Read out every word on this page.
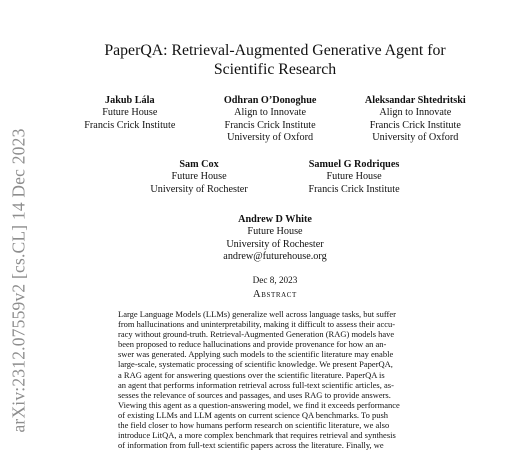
arXiv:2312.07559v2 [cs.CL] 14 Dec 2023
PaperQA: Retrieval-Augmented Generative Agent for
Scientific Research
Jakub Lála
Future House
Francis Crick Institute
Odhran O’Donoghue
Align to Innovate
Francis Crick Institute
University of Oxford
Aleksandar Shtedritski
Align to Innovate
Francis Crick Institute
University of Oxford
Sam Cox
Future House
University of Rochester
Samuel G Rodriques
Future House
Francis Crick Institute
Andrew D White
Future House
University of Rochester
andrew@futurehouse.org
Dec 8, 2023
Abstract
Large Language Models (LLMs) generalize well across language tasks, but suffer
from hallucinations and uninterpretability, making it difficult to assess their accu-
racy without ground-truth. Retrieval-Augmented Generation (RAG) models have
been proposed to reduce hallucinations and provide provenance for how an an-
swer was generated. Applying such models to the scientific literature may enable
large-scale, systematic processing of scientific knowledge. We present PaperQA,
a RAG agent for answering questions over the scientific literature. PaperQA is
an agent that performs information retrieval across full-text scientific articles, as-
sesses the relevance of sources and passages, and uses RAG to provide answers.
Viewing this agent as a question-answering model, we find it exceeds performance
of existing LLMs and LLM agents on current science QA benchmarks. To push
the field closer to how humans perform research on scientific literature, we also
introduce LitQA, a more complex benchmark that requires retrieval and synthesis
of information from full-text scientific papers across the literature. Finally, we
